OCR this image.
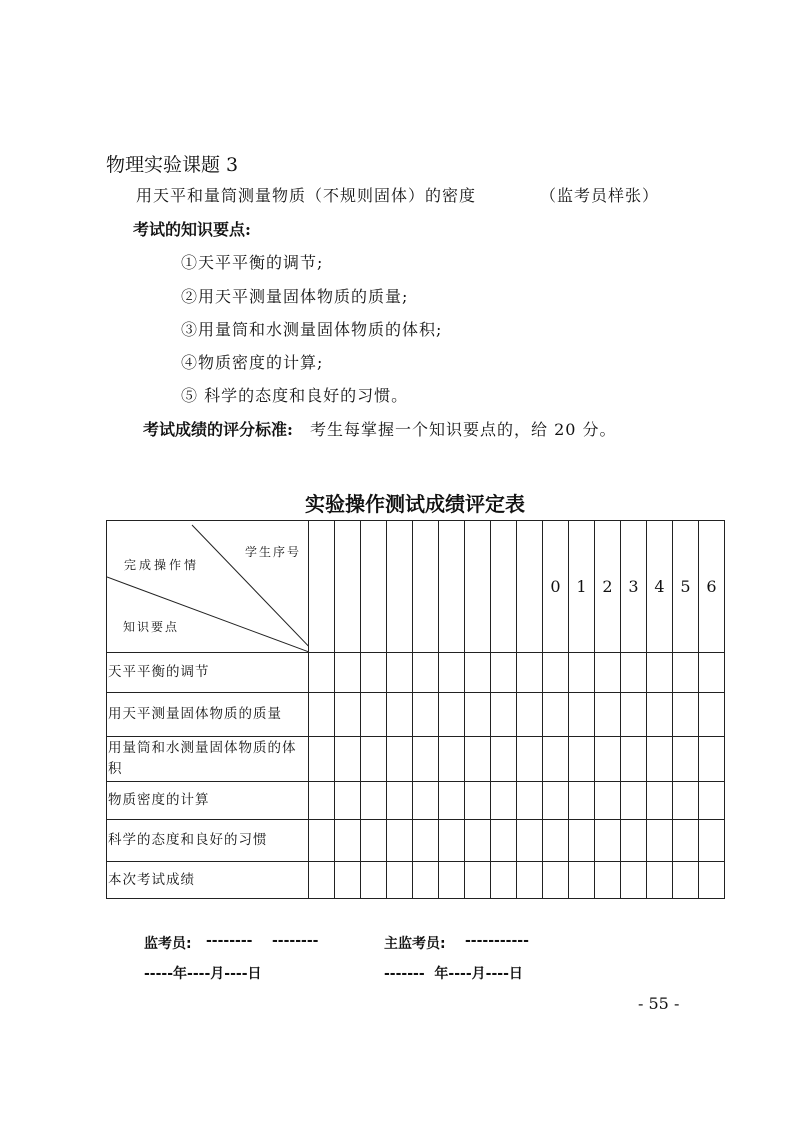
物理实验课题 3
用天平和量筒测量物质（不规则固体）的密度	（监考员样张）
考试的知识要点:
①天平平衡的调节;
②用天平测量固体物质的质量;
③用量筒和水测量固体物质的体积;
④物质密度的计算;
⑤ 科学的态度和良好的习惯。
考试成绩的评分标准: 考生每掌握一个知识要点的，给 20 分。
实验操作测试成绩评定表
学生序号
完成操作情
知识要点										0	1	2	3	4	5	6
天平平衡的调节																
用天平测量固体物质的质量																
用量筒和水测量固体物质的体积																
物质密度的计算																
科学的态度和良好的习惯																
本次考试成绩																
监考员: --------    --------	主监考员: -----------
-----年----月----日	-------  年----月----日
- 55 -
